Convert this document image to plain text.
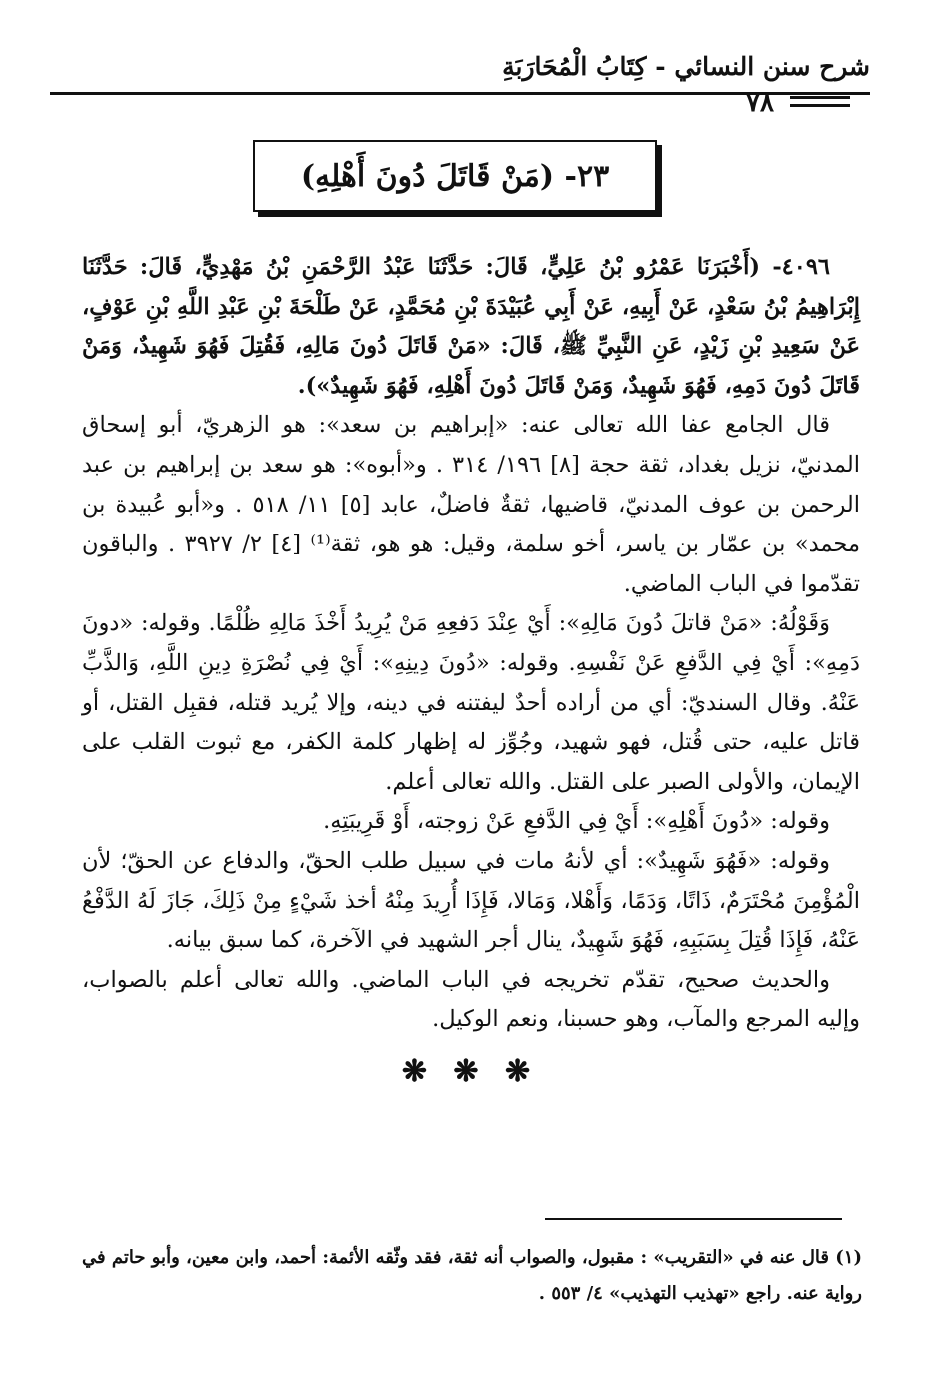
شرح سنن النسائي - كِتَابُ الْمُحَارَبَةِ
٧٨
٢٣- (مَنْ قَاتَلَ دُونَ أَهْلِهِ)

٤٠٩٦- (أَخْبَرَنَا عَمْرُو بْنُ عَلِيٍّ، قَالَ: حَدَّثَنَا عَبْدُ الرَّحْمَنِ بْنُ مَهْدِيٍّ، قَالَ: حَدَّثَنَا إِبْرَاهِيمُ بْنُ سَعْدٍ، عَنْ أَبِيهِ، عَنْ أَبِي عُبَيْدَةَ بْنِ مُحَمَّدٍ، عَنْ طَلْحَةَ بْنِ عَبْدِ اللَّهِ بْنِ عَوْفٍ، عَنْ سَعِيدِ بْنِ زَيْدٍ، عَنِ النَّبِيِّ ﷺ، قَالَ: «مَنْ قَاتَلَ دُونَ مَالِهِ، فَقُتِلَ فَهُوَ شَهِيدٌ، وَمَنْ قَاتَلَ دُونَ دَمِهِ، فَهُوَ شَهِيدٌ، وَمَنْ قَاتَلَ دُونَ أَهْلِهِ، فَهُوَ شَهِيدٌ»).

قال الجامع عفا الله تعالى عنه: «إبراهيم بن سعد»: هو الزهريّ، أبو إسحاق المدنيّ، نزيل بغداد، ثقة حجة [٨] ١٩٦/ ٣١٤ . و«أبوه»: هو سعد بن إبراهيم بن عبد الرحمن بن عوف المدنيّ، قاضيها، ثقةٌ فاضلٌ، عابد [٥] ١١/ ٥١٨ . و«أبو عُبيدة بن محمد» بن عمّار بن ياسر، أخو سلمة، وقيل: هو هو، ثقة⁽¹⁾ [٤] ٢/ ٣٩٢٧ . والباقون تقدّموا في الباب الماضي.

وَقَوْلُهُ: «مَنْ قاتلَ دُونَ مَالِهِ»: أَيْ عِنْدَ دَفعِهِ مَنْ يُرِيدُ أَخْذَ مَالِهِ ظُلْمًا. وقوله: «دونَ دَمِهِ»: أَيْ فِي الدَّفعِ عَنْ نَفْسِهِ. وقوله: «دُونَ دِينِهِ»: أَيْ فِي نُصْرَةِ دِينِ اللَّهِ، وَالذَّبِّ عَنْهُ. وقال السنديّ: أي من أراده أحدٌ ليفتنه في دينه، وإلا يُريد قتله، فقبِل القتل، أو قاتل عليه، حتى قُتل، فهو شهيد، وجُوِّز له إظهار كلمة الكفر، مع ثبوت القلب على الإيمان، والأولى الصبر على القتل. والله تعالى أعلم.

وقوله: «دُونَ أَهْلِهِ»: أَيْ فِي الدَّفعِ عَنْ زوجته، أَوْ قَرِيبَتِهِ.

وقوله: «فَهُوَ شَهِيدٌ»: أي لأنهُ مات في سبيل طلب الحقّ، والدفاع عن الحقّ؛ لأن الْمُؤْمِنَ مُحْتَرَمٌ، ذَاتًا، وَدَمًا، وَأَهْلا، وَمَالا، فَإِذَا أُرِيدَ مِنْهُ أخذ شَيْءٍ مِنْ ذَلِكَ، جَازَ لَهُ الدَّفْعُ عَنْهُ، فَإِذَا قُتِلَ بِسَبَبِهِ، فَهُوَ شَهِيدٌ، ينال أجر الشهيد في الآخرة، كما سبق بيانه.

والحديث صحيح، تقدّم تخريجه في الباب الماضي. والله تعالى أعلم بالصواب، وإليه المرجع والمآب، وهو حسبنا، ونعم الوكيل.

❋ ❋ ❋

(١) قال عنه في «التقريب» : مقبول، والصواب أنه ثقة، فقد وثّقه الأئمة: أحمد، وابن معين، وأبو حاتم في رواية عنه. راجع «تهذيب التهذيب» ٤/ ٥٥٣ .
